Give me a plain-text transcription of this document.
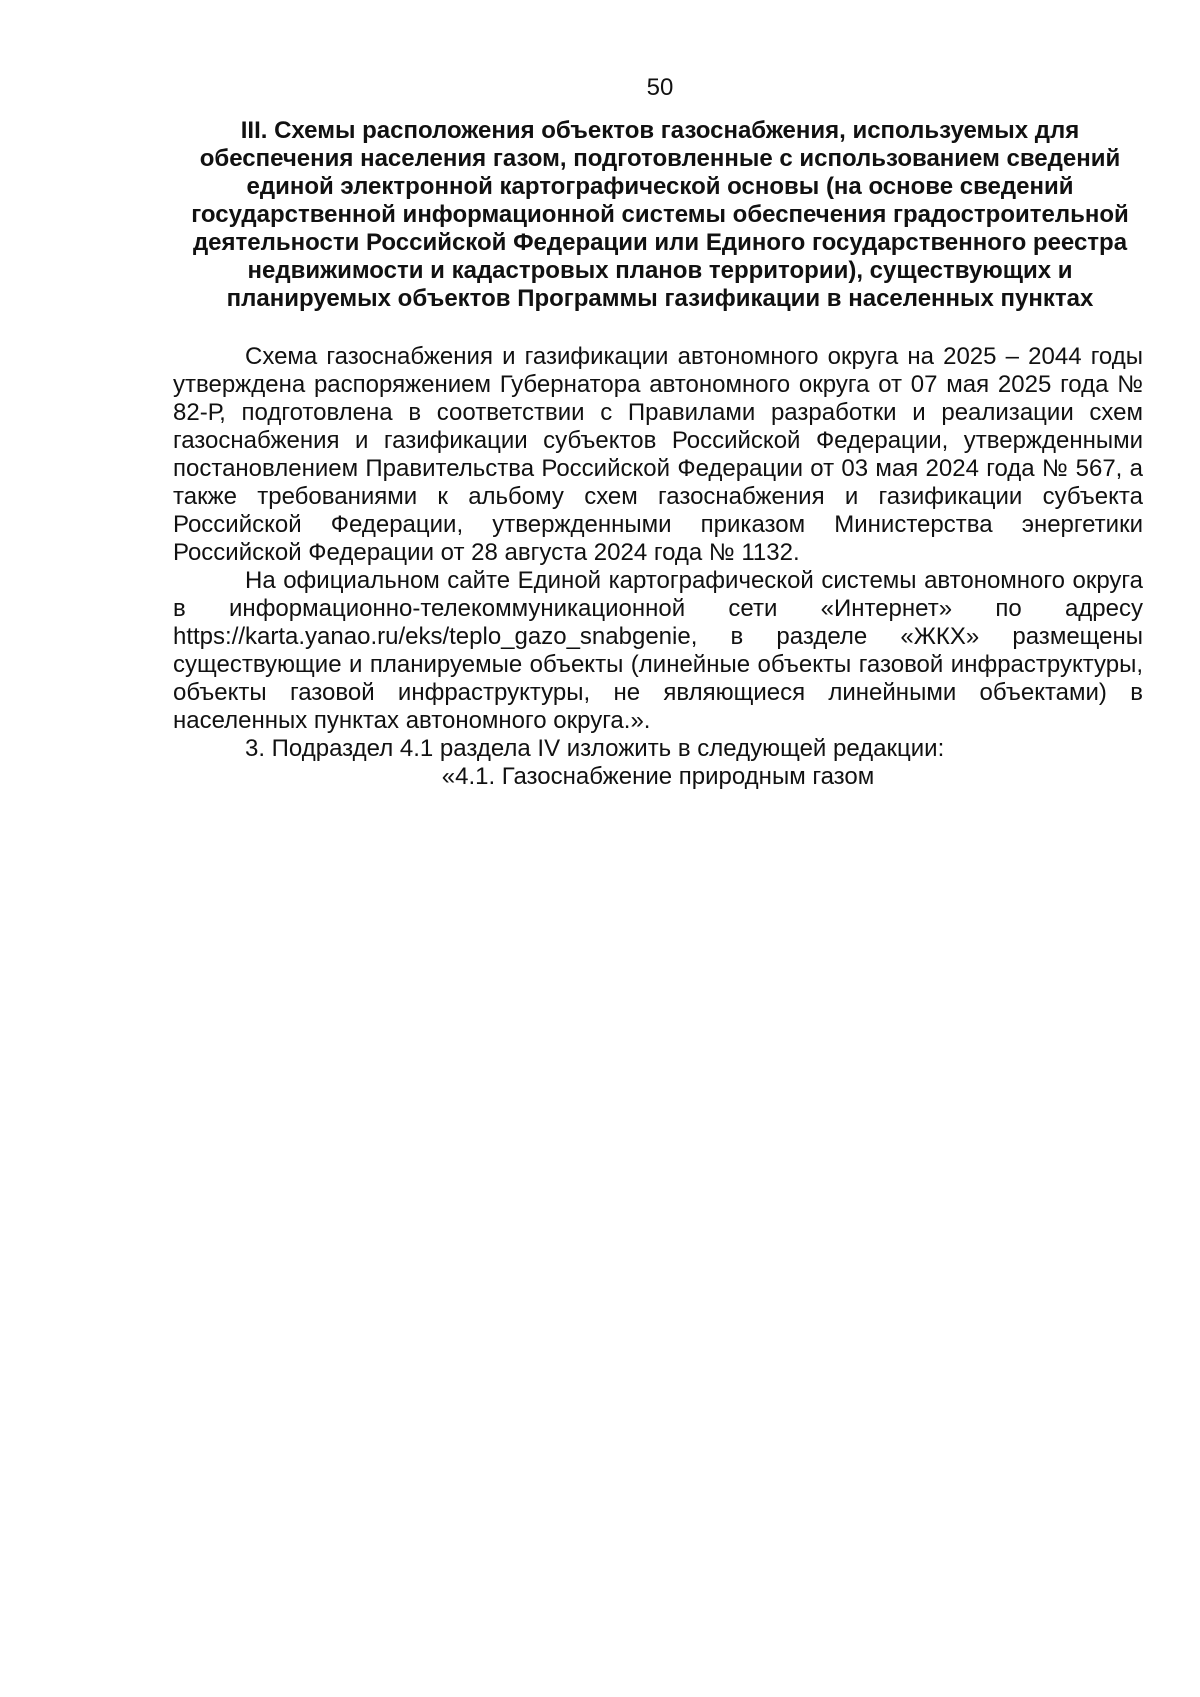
50
III. Схемы расположения объектов газоснабжения, используемых для обеспечения населения газом, подготовленные с использованием сведений единой электронной картографической основы (на основе сведений государственной информационной системы обеспечения градостроительной деятельности Российской Федерации или Единого государственного реестра недвижимости и кадастровых планов территории), существующих и планируемых объектов Программы газификации в населенных пунктах

Схема газоснабжения и газификации автономного округа на 2025 – 2044 годы утверждена распоряжением Губернатора автономного округа от 07 мая 2025 года № 82-Р, подготовлена в соответствии с Правилами разработки и реализации схем газоснабжения и газификации субъектов Российской Федерации, утвержденными постановлением Правительства Российской Федерации от 03 мая 2024 года № 567, а также требованиями к альбому схем газоснабжения и газификации субъекта Российской Федерации, утвержденными приказом Министерства энергетики Российской Федерации от 28 августа 2024 года № 1132.

На официальном сайте Единой картографической системы автономного округа в информационно-телекоммуникационной сети «Интернет» по адресу https://karta.yanao.ru/eks/teplo_gazo_snabgenie, в разделе «ЖКХ» размещены существующие и планируемые объекты (линейные объекты газовой инфраструктуры, объекты газовой инфраструктуры, не являющиеся линейными объектами) в населенных пунктах автономного округа.».

3. Подраздел 4.1 раздела IV изложить в следующей редакции:

«4.1. Газоснабжение природным газом
